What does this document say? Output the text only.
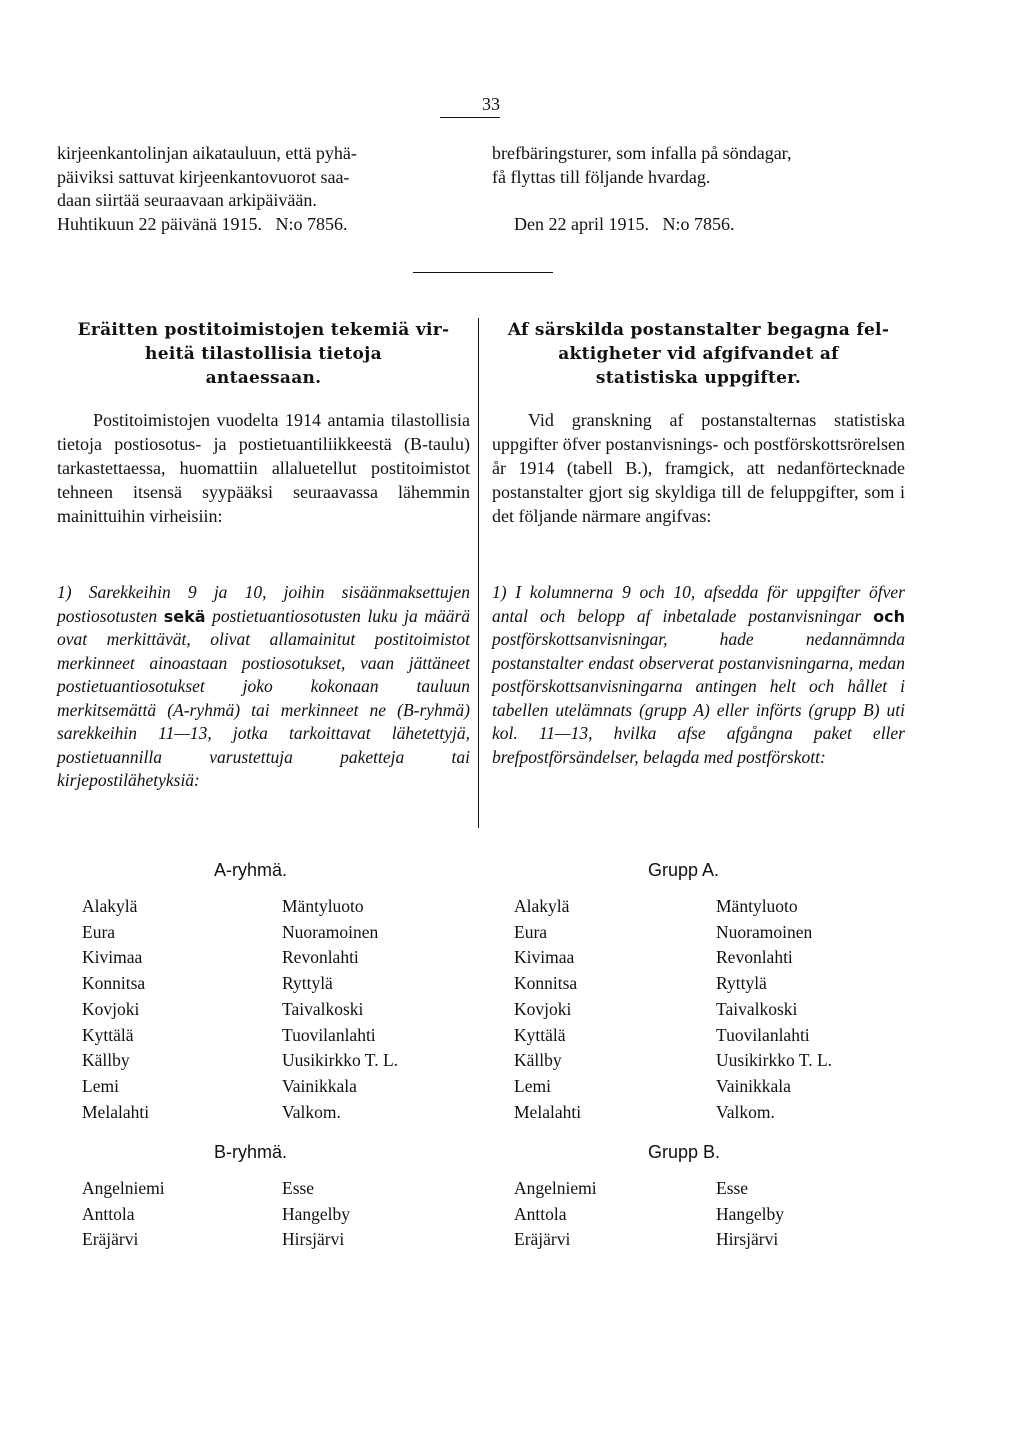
33

kirjeenkantolinjan aikatauluun, että pyhä-

päiviksi sattuvat kirjeenkantovuorot saa-

daan siirtää seuraavaan arkipäivään.

Huhtikuun 22 päivänä 1915.   N:o 7856.

brefbäringsturer, som infalla på söndagar,
få flyttas till följande hvardag.
Den 22 april 1915.   N:o 7856.
Eräitten postitoimistojen tekemiä vir-
heitä tilastollisia tietoja
antaessaan.
Postitoimistojen vuodelta 1914 antamia tilastollisia tietoja postiosotus- ja postietuantiliikkeestä (B-taulu) tarkastettaessa, huomattiin allaluetellut postitoimistot tehneen itsensä syypääksi seuraavassa lähemmin mainittuihin virheisiin:
1) Sarekkeihin 9 ja 10, joihin sisäänmaksettujen postiosotusten sekä postietuantiosotusten luku ja määrä ovat merkittävät, olivat allamainitut postitoimistot merkinneet ainoastaan postiosotukset, vaan jättäneet postietuantiosotukset joko kokonaan tauluun merkitsemättä (A-ryhmä) tai merkinneet ne (B-ryhmä) sarekkeihin 11—13, jotka tarkoittavat lähetettyjä, postietuannilla varustettuja paketteja tai kirjepostilähetyksiä:
Af särskilda postanstalter begagna fel-
aktigheter vid afgifvandet af
statistiska uppgifter.
Vid granskning af postanstalternas statistiska uppgifter öfver postanvisnings- och postförskottsrörelsen år 1914 (tabell B.), framgick, att nedanförtecknade postanstalter gjort sig skyldiga till de feluppgifter, som i det följande närmare angifvas:
1) I kolumnerna 9 och 10, afsedda för uppgifter öfver antal och belopp af inbetalade postanvisningar och postförskottsanvisningar, hade nedannämnda postanstalter endast observerat postanvisningarna, medan postförskottsanvisningarna antingen helt och hållet i tabellen utelämnats (grupp A) eller införts (grupp B) uti kol. 11—13, hvilka afse afgångna paket eller brefpostförsändelser, belagda med postförskott:
A-ryhmä.	Grupp A.
Alakylä
Eura
Kivimaa
Konnitsa
Kovjoki
Kyttälä
Källby
Lemi
Melalahti
Mäntyluoto
Nuoramoinen
Revonlahti
Ryttylä
Taivalkoski
Tuovilanlahti
Uusikirkko T. L.
Vainikkala
Valkom.
Alakylä
Eura
Kivimaa
Konnitsa
Kovjoki
Kyttälä
Källby
Lemi
Melalahti
Mäntyluoto
Nuoramoinen
Revonlahti
Ryttylä
Taivalkoski
Tuovilanlahti
Uusikirkko T. L.
Vainikkala
Valkom.
B-ryhmä.	Grupp B.
Angelniemi
Anttola
Eräjärvi
Esse
Hangelby
Hirsjärvi
Angelniemi
Anttola
Eräjärvi
Esse
Hangelby
Hirsjärvi
